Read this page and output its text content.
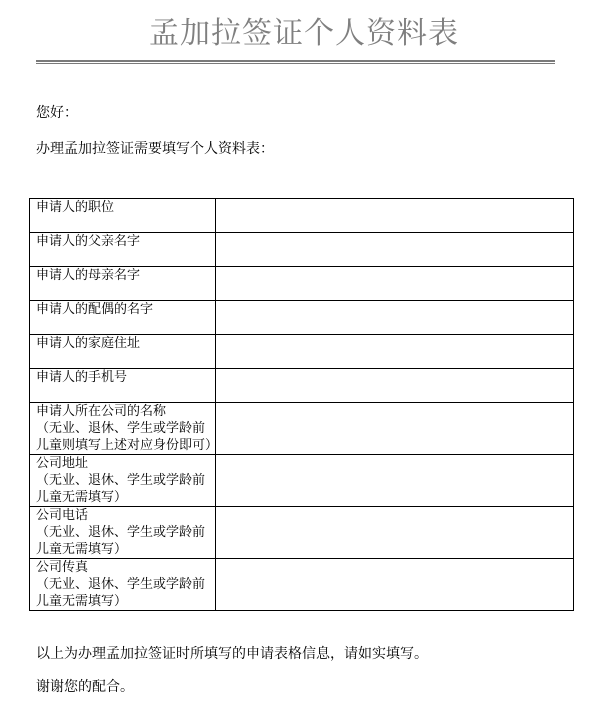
孟加拉签证个人资料表
您好：
办理孟加拉签证需要填写个人资料表：
申请人的职位	
申请人的父亲名字	
申请人的母亲名字	
申请人的配偶的名字	
申请人的家庭住址	
申请人的手机号	
申请人所在公司的名称
（无业、退休、学生或学龄前儿童则填写上述对应身份即可）	

公司地址
（无业、退休、学生或学龄前儿童无需填写）	

公司电话
（无业、退休、学生或学龄前儿童无需填写）	

公司传真
（无业、退休、学生或学龄前儿童无需填写）	

以上为办理孟加拉签证时所填写的申请表格信息，请如实填写。
谢谢您的配合。
